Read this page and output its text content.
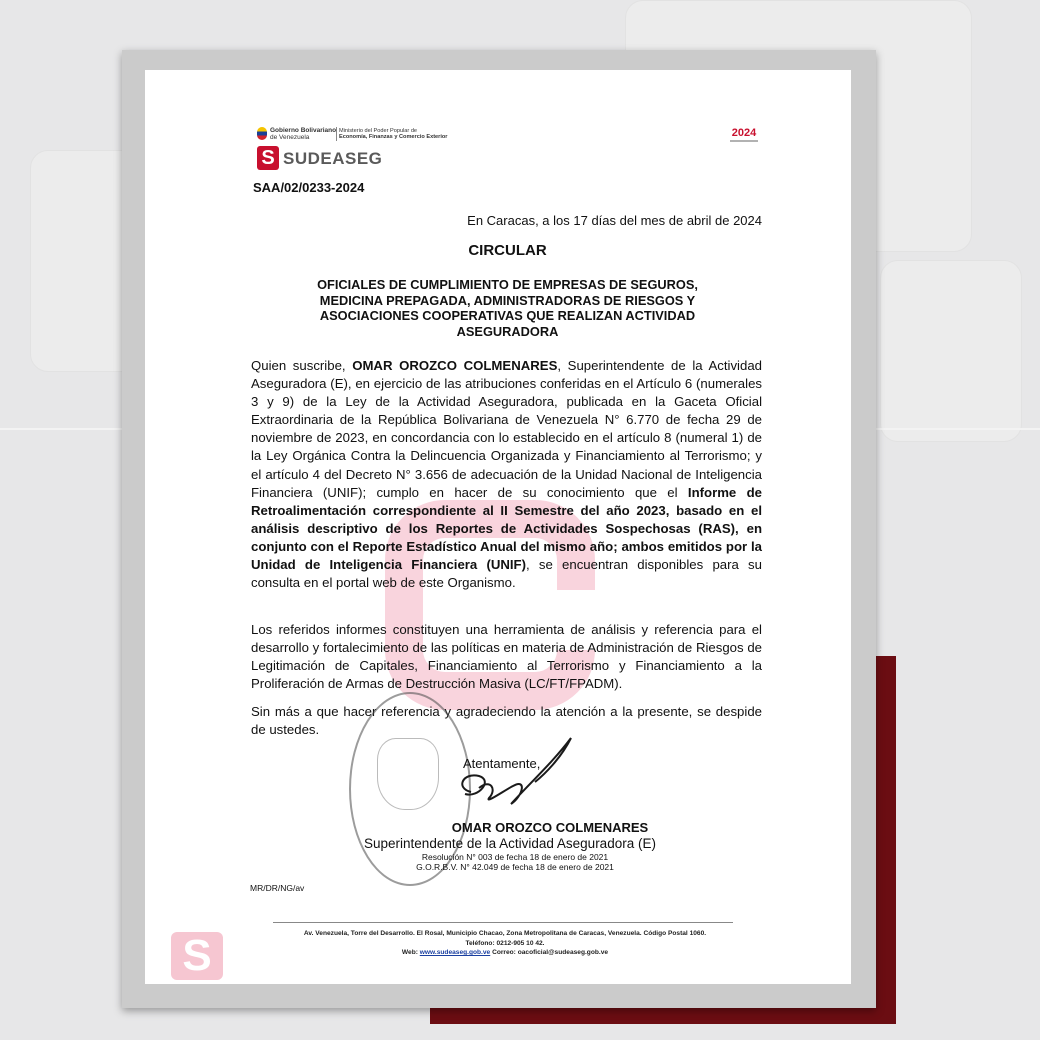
Gobierno Bolivariano
de Venezuela
Ministerio del Poder Popular de
Economía, Finanzas y Comercio Exterior
S SUDEASEG
2024
SAA/02/0233-2024
En Caracas, a los 17 días del mes de abril de 2024
CIRCULAR
OFICIALES DE CUMPLIMIENTO DE EMPRESAS DE SEGUROS, MEDICINA PREPAGADA, ADMINISTRADORAS DE RIESGOS Y ASOCIACIONES COOPERATIVAS QUE REALIZAN ACTIVIDAD ASEGURADORA
Quien suscribe, OMAR OROZCO COLMENARES, Superintendente de la Actividad Aseguradora (E), en ejercicio de las atribuciones conferidas en el Artículo 6 (numerales 3 y 9) de la Ley de la Actividad Aseguradora, publicada en la Gaceta Oficial Extraordinaria de la República Bolivariana de Venezuela N° 6.770 de fecha 29 de noviembre de 2023, en concordancia con lo establecido en el artículo 8 (numeral 1) de la Ley Orgánica Contra la Delincuencia Organizada y Financiamiento al Terrorismo; y el artículo 4 del Decreto N° 3.656 de adecuación de la Unidad Nacional de Inteligencia Financiera (UNIF); cumplo en hacer de su conocimiento que el Informe de Retroalimentación correspondiente al II Semestre del año 2023, basado en el análisis descriptivo de los Reportes de Actividades Sospechosas (RAS), en conjunto con el Reporte Estadístico Anual del mismo año; ambos emitidos por la Unidad de Inteligencia Financiera (UNIF), se encuentran disponibles para su consulta en el portal web de este Organismo.
Los referidos informes constituyen una herramienta de análisis y referencia para el desarrollo y fortalecimiento de las políticas en materia de Administración de Riesgos de Legitimación de Capitales, Financiamiento al Terrorismo y Financiamiento a la Proliferación de Armas de Destrucción Masiva (LC/FT/FPADM).
Sin más a que hacer referencia y agradeciendo la atención a la presente, se despide de ustedes.
Atentamente,
OMAR OROZCO COLMENARES
Superintendente de la Actividad Aseguradora (E)
Resolución N° 003 de fecha 18 de enero de 2021
G.O.R.B.V. N° 42.049 de fecha 18 de enero de 2021
MR/DR/NG/av
Av. Venezuela, Torre del Desarrollo. El Rosal, Municipio Chacao, Zona Metropolitana de Caracas, Venezuela. Código Postal 1060.
Teléfono: 0212-905 10 42.
Web: www.sudeaseg.gob.ve Correo: oacoficial@sudeaseg.gob.ve
S
